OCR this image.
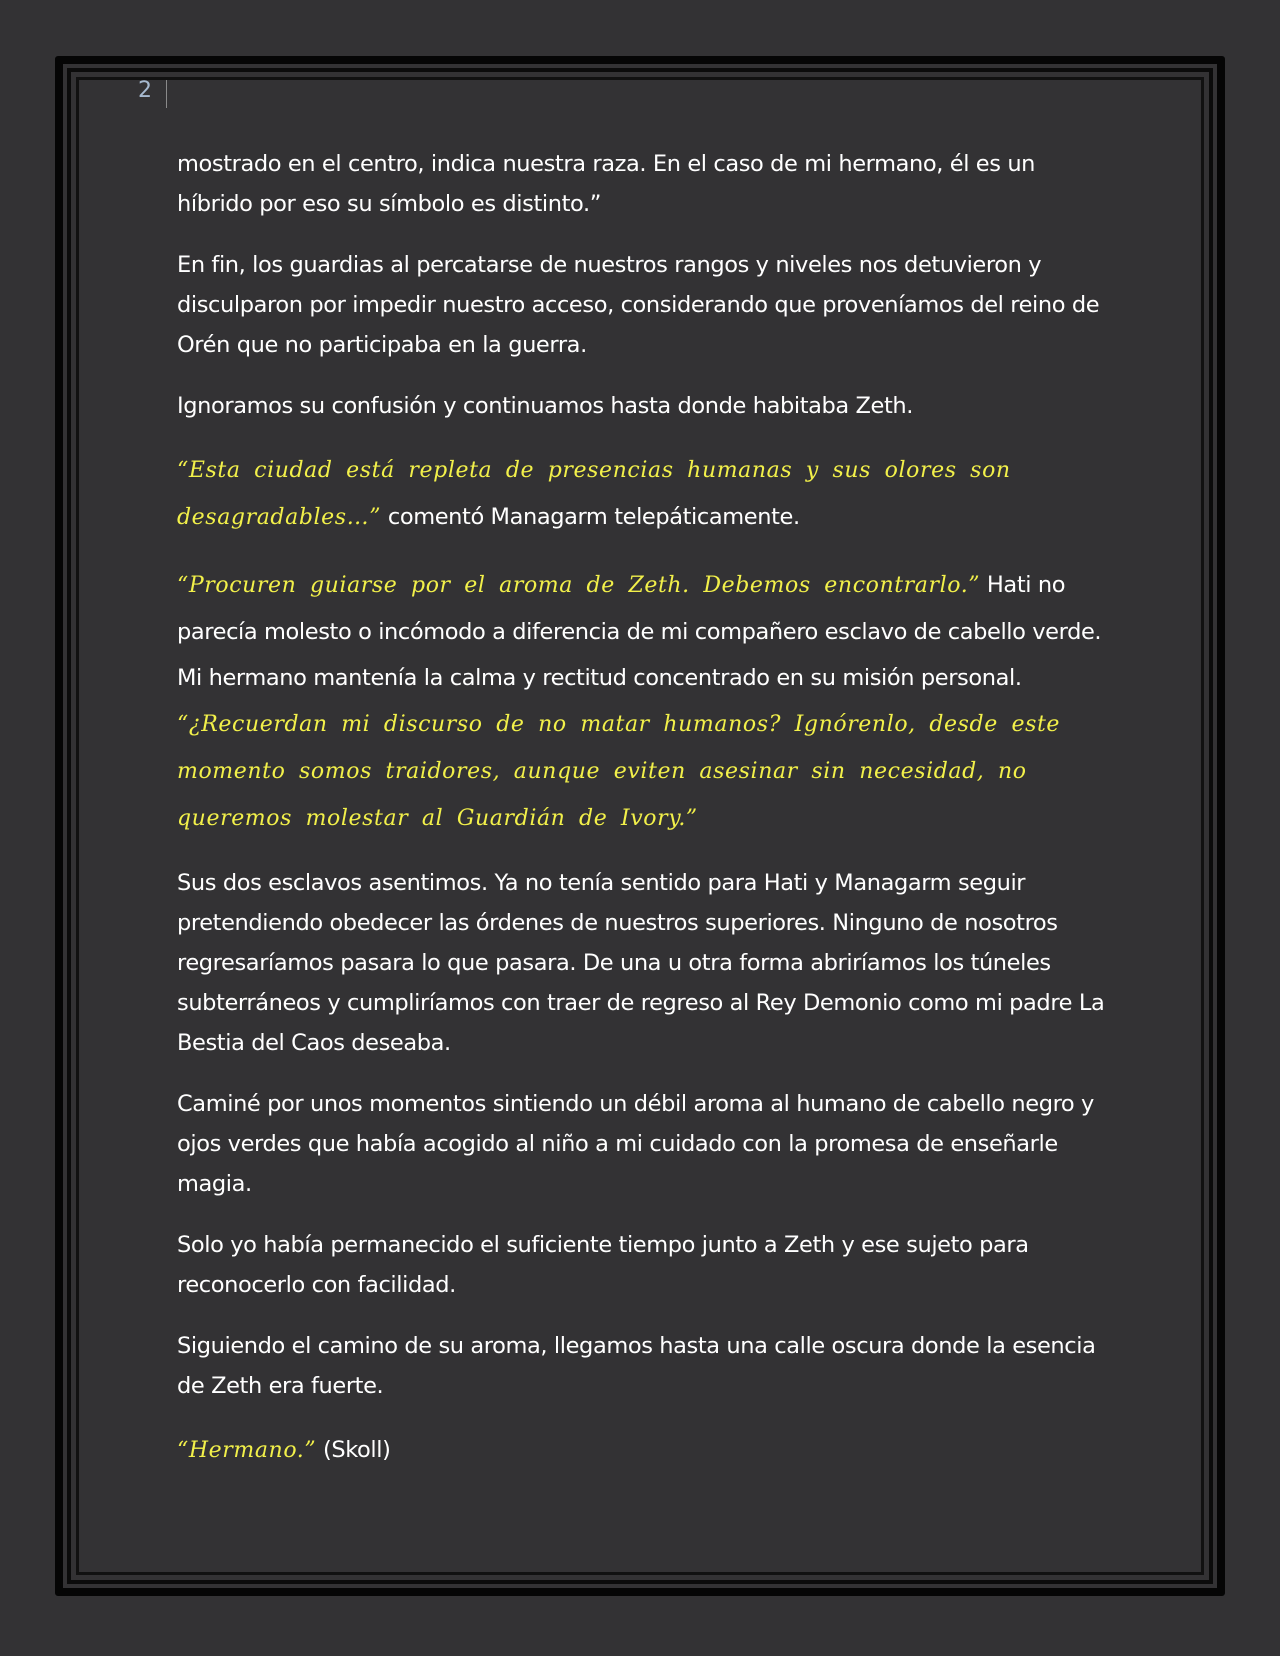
2

mostrado en el centro, indica nuestra raza. En el caso de mi hermano, él es un híbrido por eso su símbolo es distinto.”

En fin, los guardias al percatarse de nuestros rangos y niveles nos detuvieron y disculparon por impedir nuestro acceso, considerando que proveníamos del reino de Orén que no participaba en la guerra.

Ignoramos su confusión y continuamos hasta donde habitaba Zeth.

“Esta ciudad está repleta de presencias humanas y sus olores son desagradables…” comentó Managarm telepáticamente.

“Procuren guiarse por el aroma de Zeth. Debemos encontrarlo.” Hati no parecía molesto o incómodo a diferencia de mi compañero esclavo de cabello verde. Mi hermano mantenía la calma y rectitud concentrado en su misión personal. “¿Recuerdan mi discurso de no matar humanos? Ignórenlo, desde este momento somos traidores, aunque eviten asesinar sin necesidad, no queremos molestar al Guardián de Ivory.”

Sus dos esclavos asentimos. Ya no tenía sentido para Hati y Managarm seguir pretendiendo obedecer las órdenes de nuestros superiores. Ninguno de nosotros regresaríamos pasara lo que pasara. De una u otra forma abriríamos los túneles subterráneos y cumpliríamos con traer de regreso al Rey Demonio como mi padre La Bestia del Caos deseaba.

Caminé por unos momentos sintiendo un débil aroma al humano de cabello negro y ojos verdes que había acogido al niño a mi cuidado con la promesa de enseñarle magia.

Solo yo había permanecido el suficiente tiempo junto a Zeth y ese sujeto para reconocerlo con facilidad.

Siguiendo el camino de su aroma, llegamos hasta una calle oscura donde la esencia de Zeth era fuerte.

“Hermano.” (Skoll)
